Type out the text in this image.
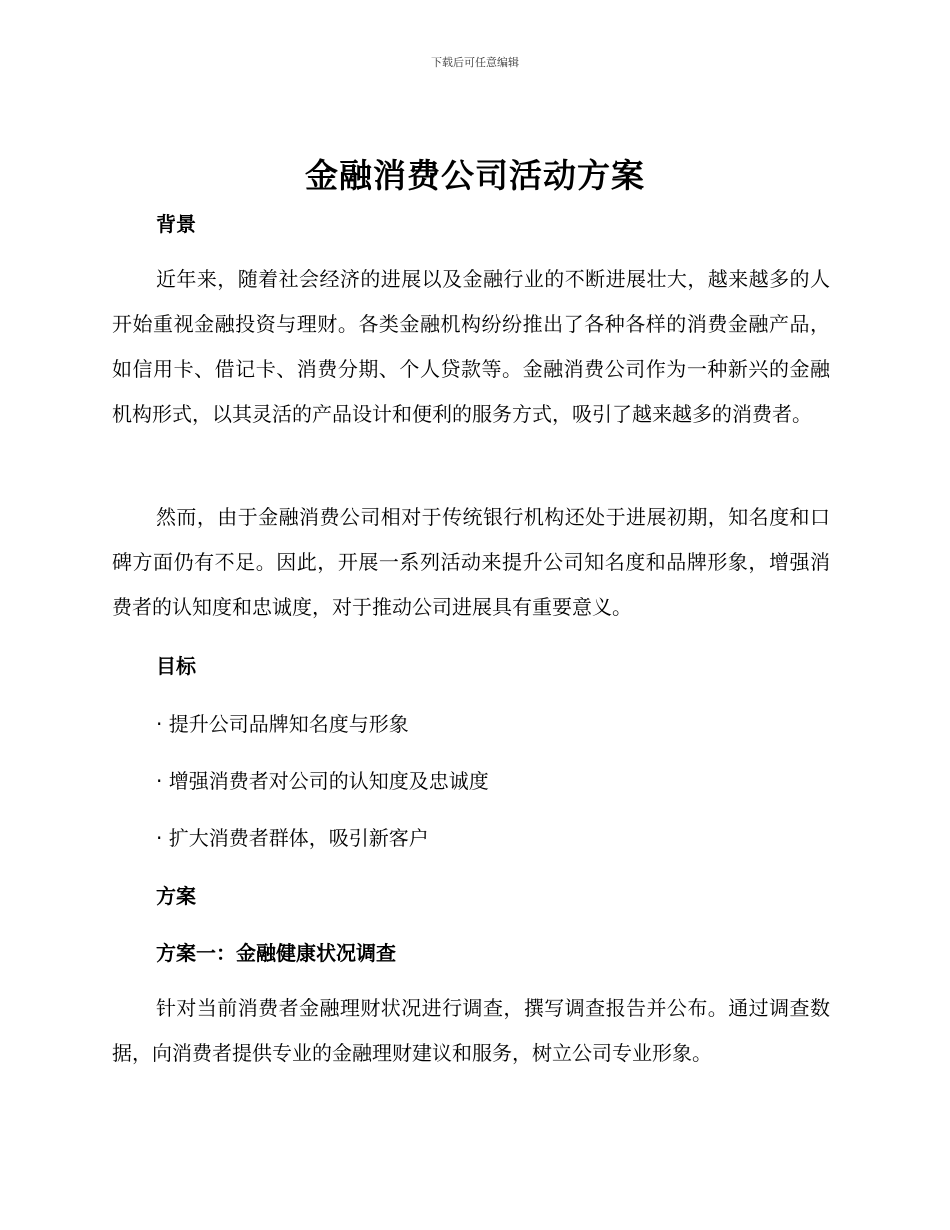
下载后可任意编辑
金融消费公司活动方案
背景
近年来，随着社会经济的进展以及金融行业的不断进展壮大，越来越多的人开始重视金融投资与理财。各类金融机构纷纷推出了各种各样的消费金融产品，如信用卡、借记卡、消费分期、个人贷款等。金融消费公司作为一种新兴的金融机构形式，以其灵活的产品设计和便利的服务方式，吸引了越来越多的消费者。
然而，由于金融消费公司相对于传统银行机构还处于进展初期，知名度和口碑方面仍有不足。因此，开展一系列活动来提升公司知名度和品牌形象，增强消费者的认知度和忠诚度，对于推动公司进展具有重要意义。
目标
· 提升公司品牌知名度与形象
· 增强消费者对公司的认知度及忠诚度
· 扩大消费者群体，吸引新客户
方案
方案一：金融健康状况调查
针对当前消费者金融理财状况进行调查，撰写调查报告并公布。通过调查数据，向消费者提供专业的金融理财建议和服务，树立公司专业形象。
